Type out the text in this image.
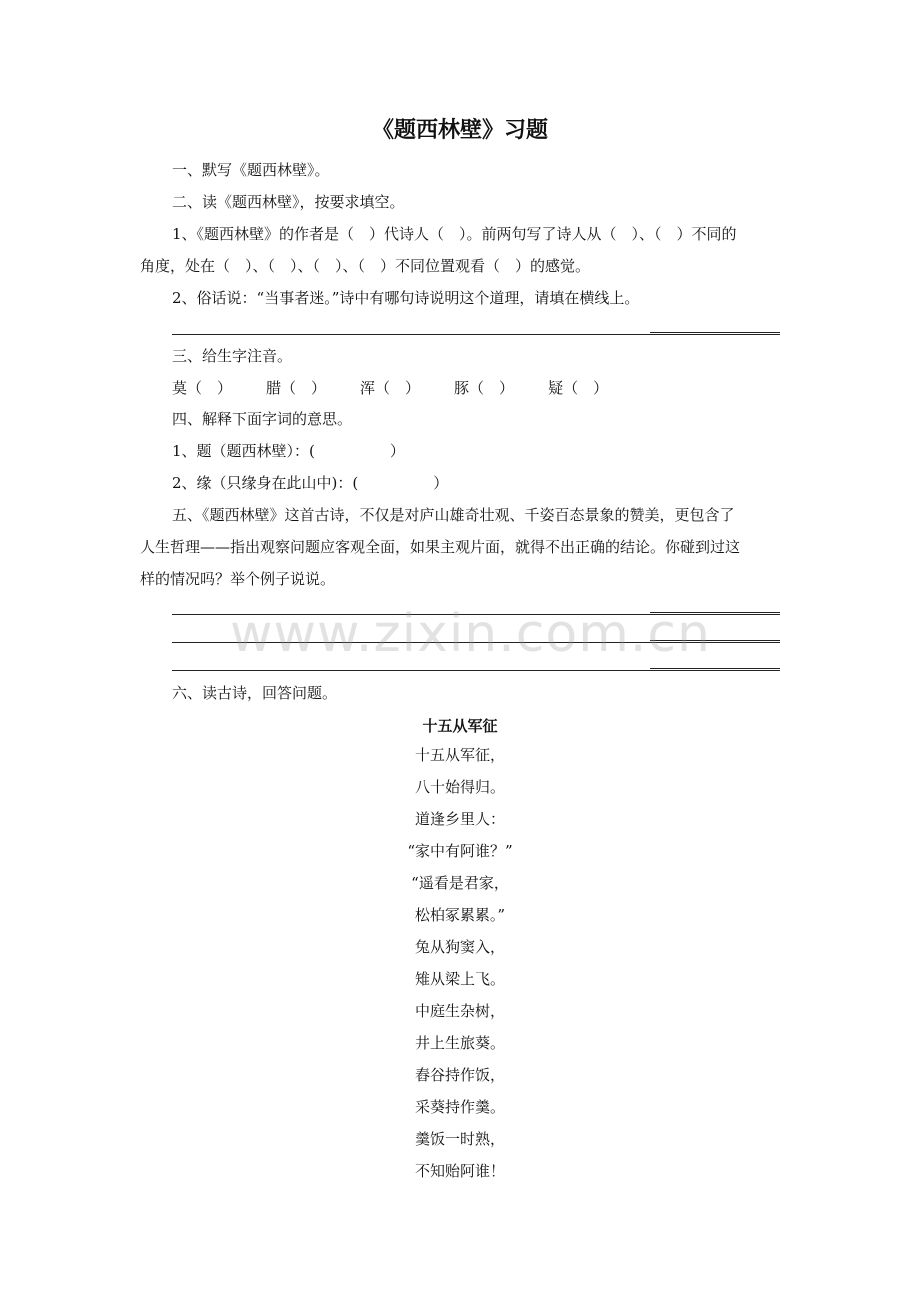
《题西林壁》习题
一、默写《题西林壁》。
二、读《题西林壁》，按要求填空。
1、《题西林壁》的作者是（　）代诗人（　）。前两句写了诗人从（　）、（　）不同的
角度，处在（　）、（　）、（　）、（　）不同位置观看（　）的感觉。
2、俗话说：“当事者迷。”诗中有哪句诗说明这个道理，请填在横线上。
三、给生字注音。
莫（　） 腊（　） 浑（　） 豚（　） 疑（　）
四、解释下面字词的意思。
1、题（题西林壁）：(　　　　　）
2、缘（只缘身在此山中)：(　　　　　）
五、《题西林壁》这首古诗，不仅是对庐山雄奇壮观、千姿百态景象的赞美，更包含了
人生哲理——指出观察问题应客观全面，如果主观片面，就得不出正确的结论。你碰到过这
样的情况吗？举个例子说说。
www.zixin.com.cn
六、读古诗，回答问题。
十五从军征
十五从军征，
八十始得归。
道逢乡里人：
“家中有阿谁？”
“遥看是君家，
松柏冢累累。”
兔从狗窦入，
雉从梁上飞。
中庭生杂树，
井上生旅葵。
舂谷持作饭，
采葵持作羹。
羹饭一时熟，
不知贻阿谁！
